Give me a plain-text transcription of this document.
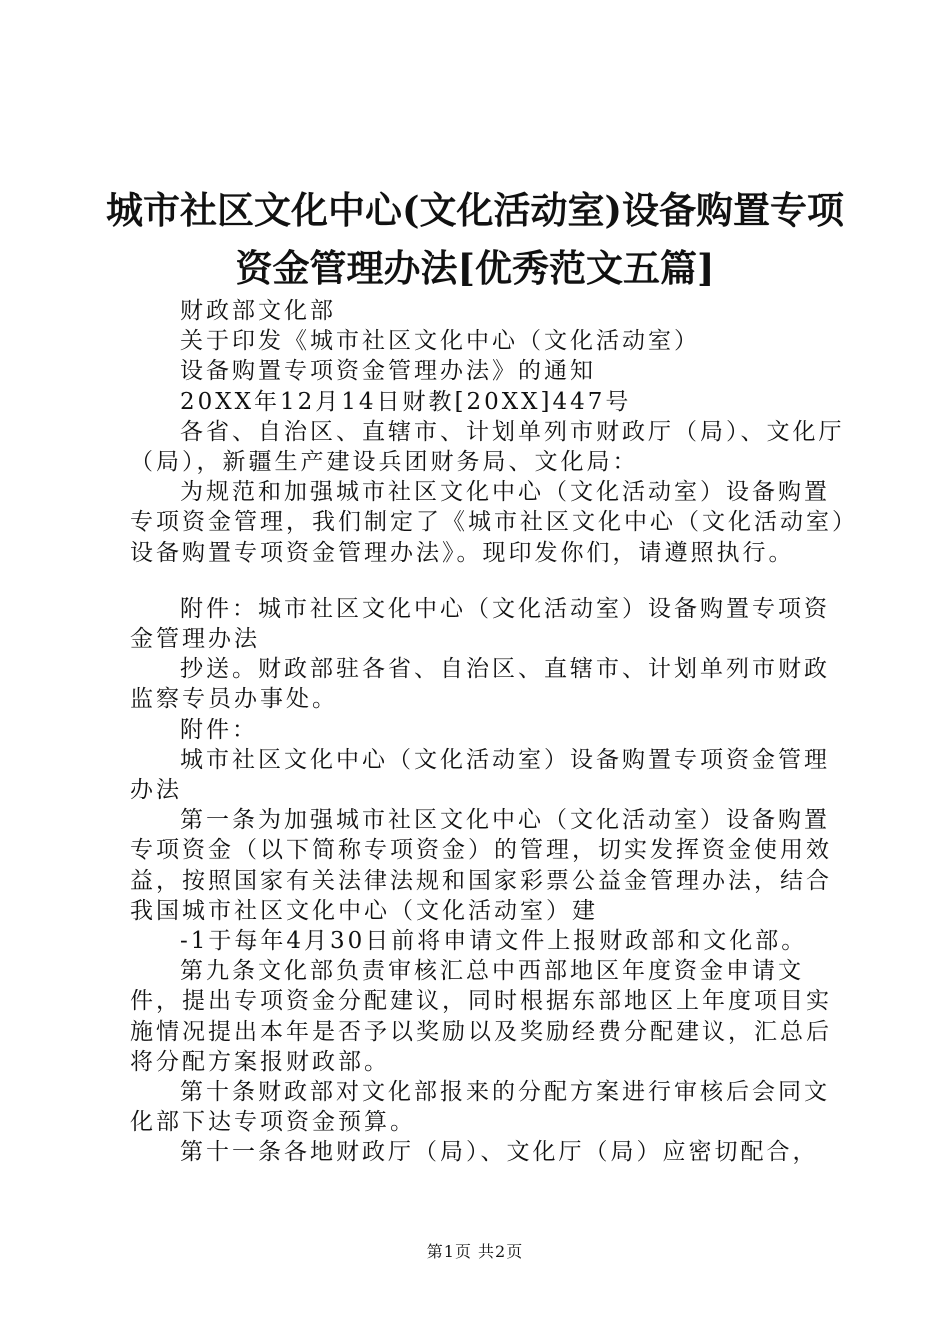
城市社区文化中心(文化活动室)设备购置专项
资金管理办法[优秀范文五篇]

财政部文化部

关于印发《城市社区文化中心（文化活动室）

设备购置专项资金管理办法》的通知

20XX年12月14日财教[20XX]447号

各省、自治区、直辖市、计划单列市财政厅（局）、文化厅（局），新疆生产建设兵团财务局、文化局：

为规范和加强城市社区文化中心（文化活动室）设备购置专项资金管理，我们制定了《城市社区文化中心（文化活动室）设备购置专项资金管理办法》。现印发你们，请遵照执行。

附件：城市社区文化中心（文化活动室）设备购置专项资金管理办法

抄送。财政部驻各省、自治区、直辖市、计划单列市财政监察专员办事处。

附件：

城市社区文化中心（文化活动室）设备购置专项资金管理办法

第一条为加强城市社区文化中心（文化活动室）设备购置专项资金（以下简称专项资金）的管理，切实发挥资金使用效益，按照国家有关法律法规和国家彩票公益金管理办法，结合我国城市社区文化中心（文化活动室）建

-1于每年4月30日前将申请文件上报财政部和文化部。

第九条文化部负责审核汇总中西部地区年度资金申请文件，提出专项资金分配建议，同时根据东部地区上年度项目实施情况提出本年是否予以奖励以及奖励经费分配建议，汇总后将分配方案报财政部。

第十条财政部对文化部报来的分配方案进行审核后会同文化部下达专项资金预算。

第十一条各地财政厅（局）、文化厅（局）应密切配合，

第1页 共2页
